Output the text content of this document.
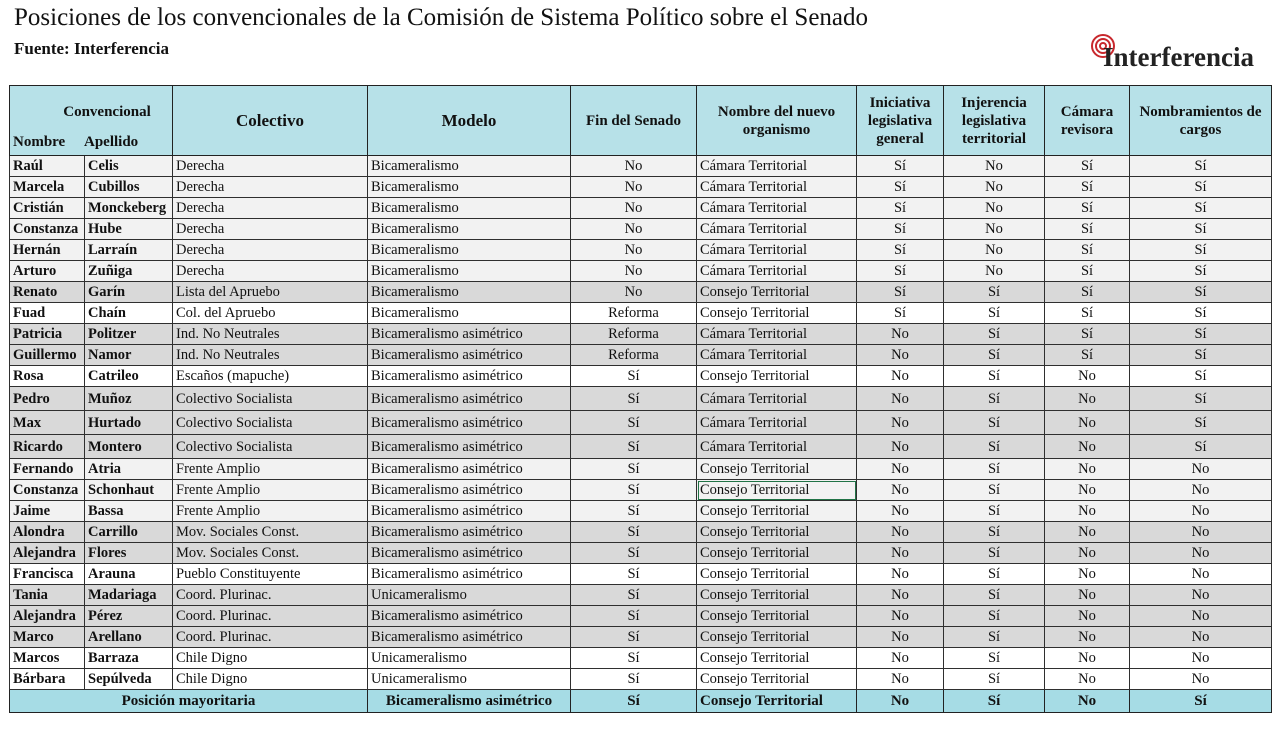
Posiciones de los convencionales de la Comisión de Sistema Político sobre el Senado
Fuente: Interferencia	Interferencia
Convencional
Nombre Apellido		Colectivo	Modelo	Fin del Senado	Nombre del nuevo organismo	Iniciativa legislativa general	Injerencia legislativa territorial	Cámara revisora	Nombramientos de cargos
Raúl	Celis	Derecha	Bicameralismo	No	Cámara Territorial	Sí	No	Sí	Sí
Marcela	Cubillos	Derecha	Bicameralismo	No	Cámara Territorial	Sí	No	Sí	Sí
Cristián	Monckeberg	Derecha	Bicameralismo	No	Cámara Territorial	Sí	No	Sí	Sí
Constanza	Hube	Derecha	Bicameralismo	No	Cámara Territorial	Sí	No	Sí	Sí
Hernán	Larraín	Derecha	Bicameralismo	No	Cámara Territorial	Sí	No	Sí	Sí
Arturo	Zuñiga	Derecha	Bicameralismo	No	Cámara Territorial	Sí	No	Sí	Sí
Renato	Garín	Lista del Apruebo	Bicameralismo	No	Consejo Territorial	Sí	Sí	Sí	Sí
Fuad	Chaín	Col. del Apruebo	Bicameralismo	Reforma	Consejo Territorial	Sí	Sí	Sí	Sí
Patricia	Politzer	Ind. No Neutrales	Bicameralismo asimétrico	Reforma	Cámara Territorial	No	Sí	Sí	Sí
Guillermo	Namor	Ind. No Neutrales	Bicameralismo asimétrico	Reforma	Cámara Territorial	No	Sí	Sí	Sí
Rosa	Catrileo	Escaños (mapuche)	Bicameralismo asimétrico	Sí	Consejo Territorial	No	Sí	No	Sí
Pedro	Muñoz	Colectivo Socialista	Bicameralismo asimétrico	Sí	Cámara Territorial	No	Sí	No	Sí
Max	Hurtado	Colectivo Socialista	Bicameralismo asimétrico	Sí	Cámara Territorial	No	Sí	No	Sí
Ricardo	Montero	Colectivo Socialista	Bicameralismo asimétrico	Sí	Cámara Territorial	No	Sí	No	Sí
Fernando	Atria	Frente Amplio	Bicameralismo asimétrico	Sí	Consejo Territorial	No	Sí	No	No
Constanza	Schonhaut	Frente Amplio	Bicameralismo asimétrico	Sí	Consejo Territorial	No	Sí	No	No
Jaime	Bassa	Frente Amplio	Bicameralismo asimétrico	Sí	Consejo Territorial	No	Sí	No	No
Alondra	Carrillo	Mov. Sociales Const.	Bicameralismo asimétrico	Sí	Consejo Territorial	No	Sí	No	No
Alejandra	Flores	Mov. Sociales Const.	Bicameralismo asimétrico	Sí	Consejo Territorial	No	Sí	No	No
Francisca	Arauna	Pueblo Constituyente	Bicameralismo asimétrico	Sí	Consejo Territorial	No	Sí	No	No
Tania	Madariaga	Coord. Plurinac.	Unicameralismo	Sí	Consejo Territorial	No	Sí	No	No
Alejandra	Pérez	Coord. Plurinac.	Bicameralismo asimétrico	Sí	Consejo Territorial	No	Sí	No	No
Marco	Arellano	Coord. Plurinac.	Bicameralismo asimétrico	Sí	Consejo Territorial	No	Sí	No	No
Marcos	Barraza	Chile Digno	Unicameralismo	Sí	Consejo Territorial	No	Sí	No	No
Bárbara	Sepúlveda	Chile Digno	Unicameralismo	Sí	Consejo Territorial	No	Sí	No	No
Posición mayoritaria			Bicameralismo asimétrico	Sí	Consejo Territorial	No	Sí	No	Sí
